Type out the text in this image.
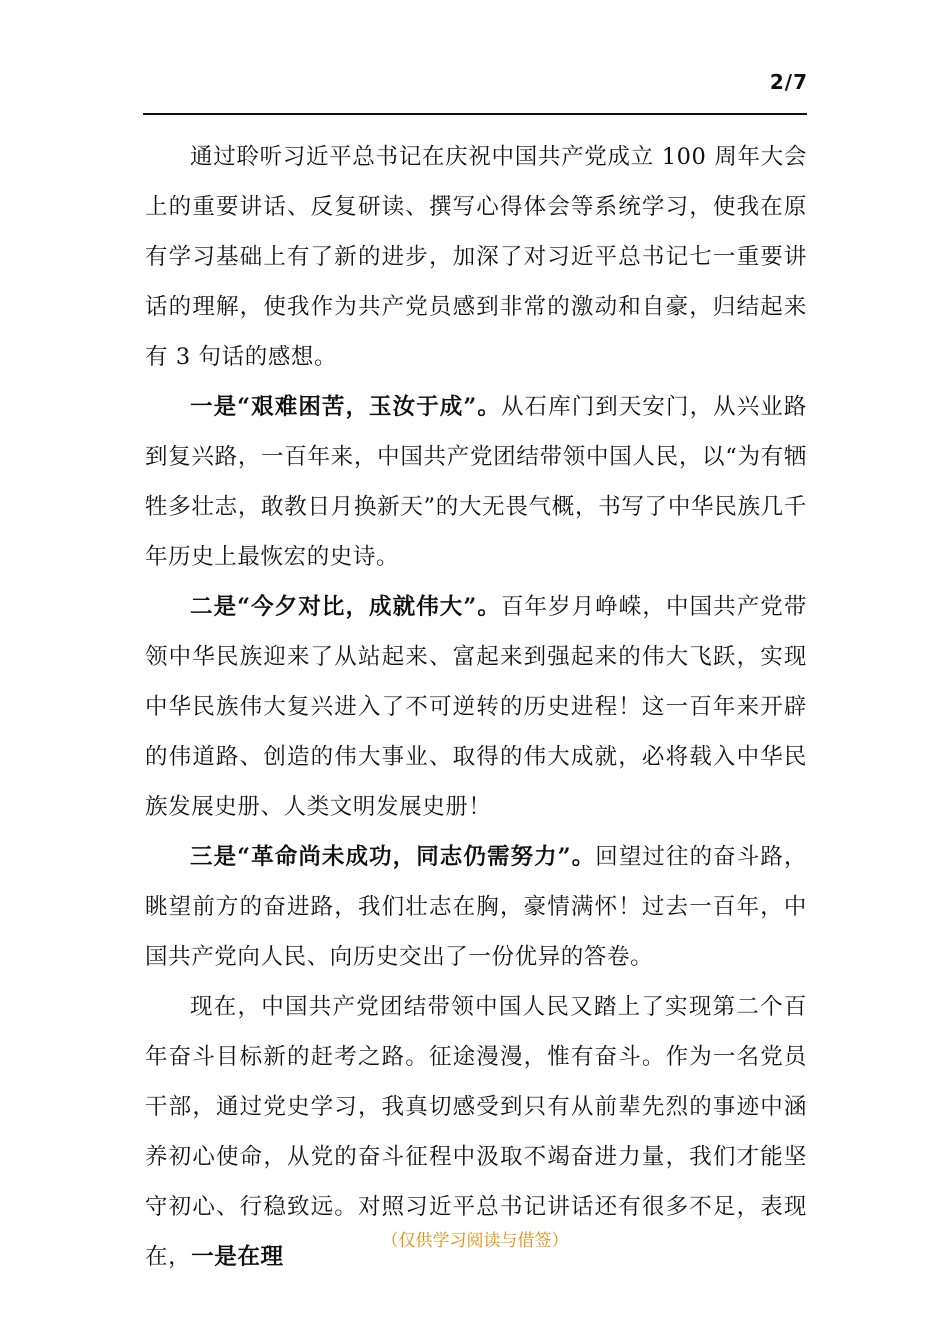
2/7

通过聆听习近平总书记在庆祝中国共产党成立 100 周年大会上的重要讲话、反复研读、撰写心得体会等系统学习，使我在原有学习基础上有了新的进步，加深了对习近平总书记七一重要讲话的理解，使我作为共产党员感到非常的激动和自豪，归结起来有 3 句话的感想。

一是“艰难困苦，玉汝于成”。从石库门到天安门，从兴业路到复兴路，一百年来，中国共产党团结带领中国人民，以“为有牺牲多壮志，敢教日月换新天”的大无畏气概，书写了中华民族几千年历史上最恢宏的史诗。

二是“今夕对比，成就伟大”。百年岁月峥嵘，中国共产党带领中华民族迎来了从站起来、富起来到强起来的伟大飞跃，实现中华民族伟大复兴进入了不可逆转的历史进程！这一百年来开辟的伟道路、创造的伟大事业、取得的伟大成就，必将载入中华民族发展史册、人类文明发展史册！

三是“革命尚未成功，同志仍需努力”。回望过往的奋斗路，眺望前方的奋进路，我们壮志在胸，豪情满怀！过去一百年，中国共产党向人民、向历史交出了一份优异的答卷。

现在，中国共产党团结带领中国人民又踏上了实现第二个百年奋斗目标新的赶考之路。征途漫漫，惟有奋斗。作为一名党员干部，通过党史学习，我真切感受到只有从前辈先烈的事迹中涵养初心使命，从党的奋斗征程中汲取不竭奋进力量，我们才能坚守初心、行稳致远。对照习近平总书记讲话还有很多不足，表现在，一是在理

（仅供学习阅读与借签）
